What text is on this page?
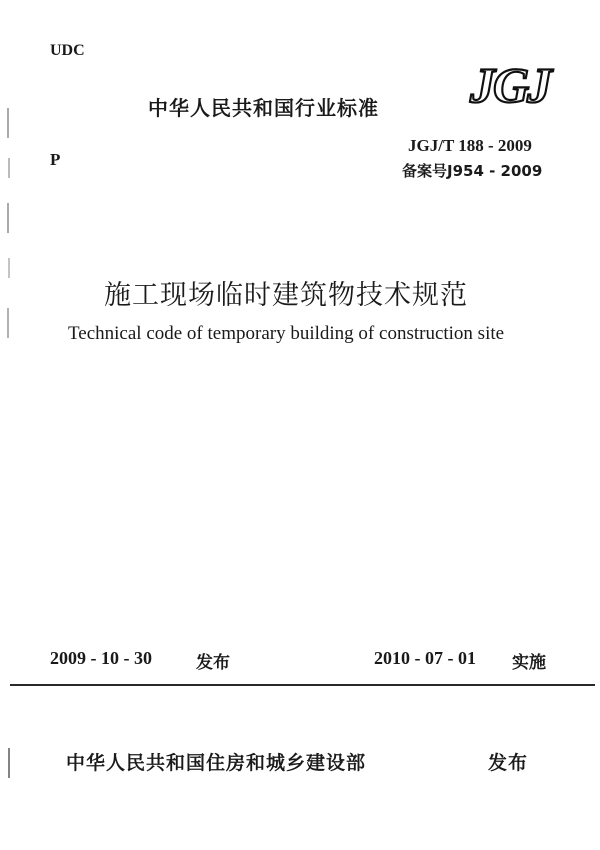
UDC
中华人民共和国行业标准 JGJ
P
JGJ/T 188 - 2009
备案号J954 - 2009
施工现场临时建筑物技术规范
Technical code of temporary building of construction site
2009 - 10 - 30	发布	2010 - 07 - 01 实施
中华人民共和国住房和城乡建设部	发布
